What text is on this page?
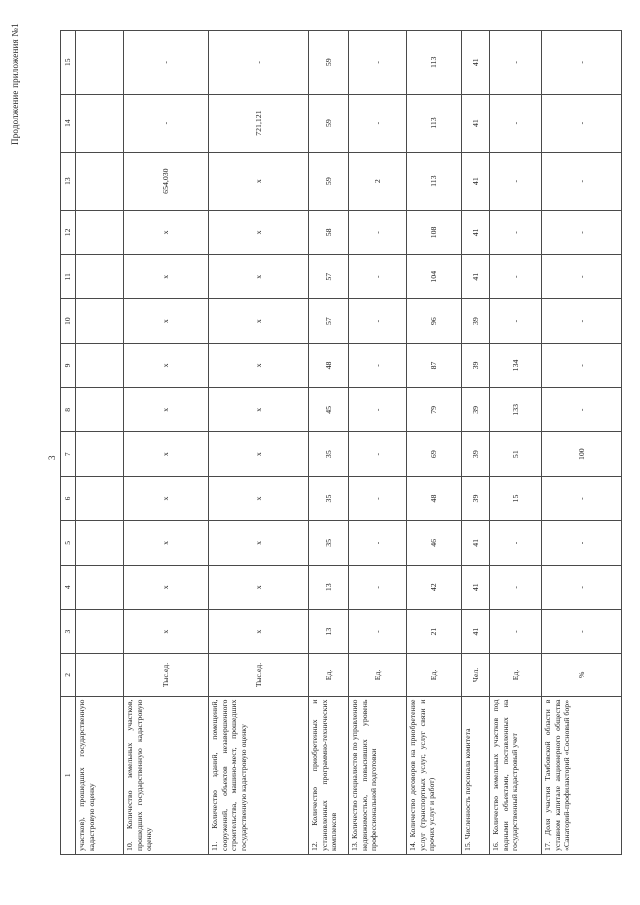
3
Продолжение приложения №1
1	2	3	4	5	6	7	8	9	10	11	12	13	14	15
участков), прошедших государственную кадастровую оценку														
10. Количество земельных участков, прошедших государственную кадастровую оценку	Тыс.ед.	х	х	х	х	х	х	х	х	х	х	654,030	-	-
11. Количество зданий, помещений, сооружений, объектов незавершенного строительства, машино-мест, прошедших государственную кадастровую оценку	Тыс.ед.	х	х	х	х	х	х	х	х	х	х	х	721,121	-
12. Количество приобретенных и установленных программно-технических комплексов	Ед.	13	13	35	35	35	45	48	57	57	58	59	59	59
13. Количество специалистов по управлению недвижимостью, повысивших уровень профессиональной подготовки	Ед.	-	-	-	-	-	-	-	-	-	-	2	-	-
14. Количество договоров на приобретение услуг (транспортных услуг, услуг связи и прочих услуг и работ)	Ед.	21	42	46	48	69	79	87	96	104	108	113	113	113
15. Численность персонала комитета	Чел.	41	41	41	39	39	39	39	39	41	41	41	41	41
16. Количество земельных участков под водными объектами, поставленных на государственный кадастровый учет	Ед.	-	-	-	15	51	133	134	-	-	-	-	-	-
17. Доля участия Тамбовской области в уставном капитале акционерного общества «Санаторий-профилакторий «Сосновый бор»	%	-	-	-	-	100	-	-	-	-	-	-	-	-
